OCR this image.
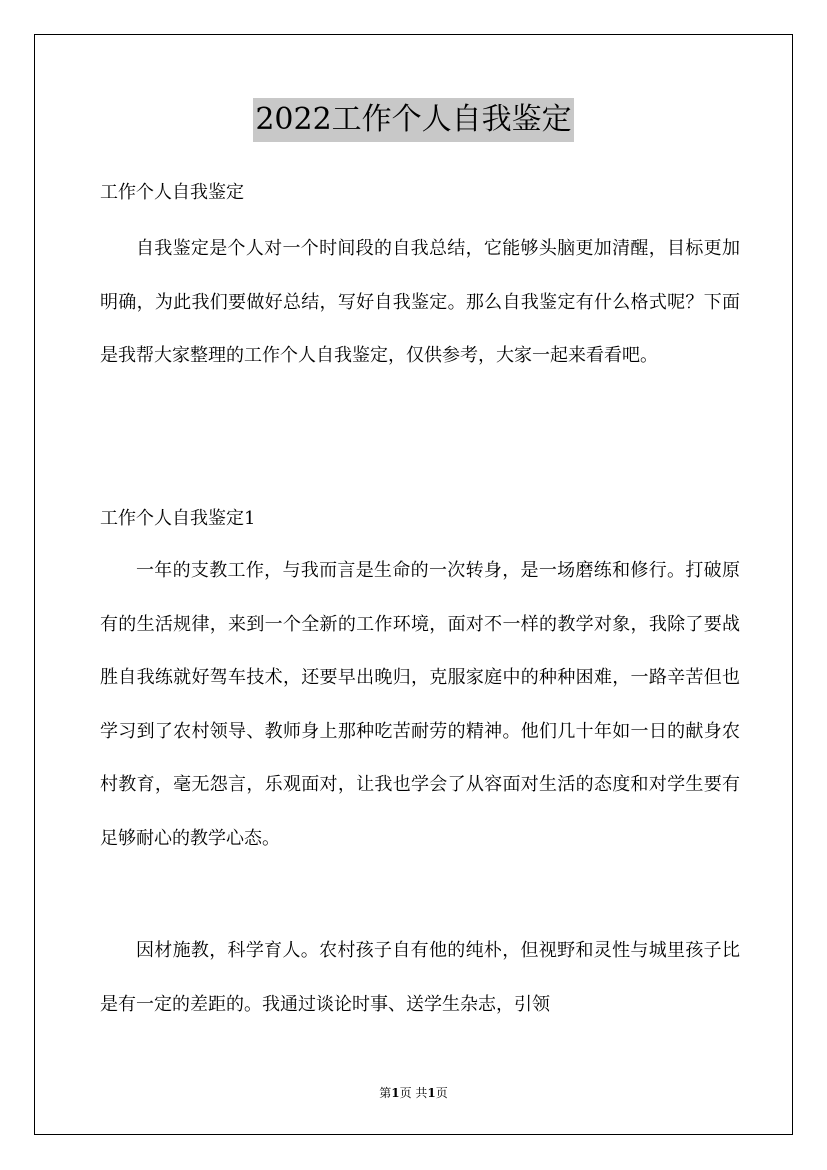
2022工作个人自我鉴定
工作个人自我鉴定

自我鉴定是个人对一个时间段的自我总结，它能够头脑更加清醒，目标更加明确，为此我们要做好总结，写好自我鉴定。那么自我鉴定有什么格式呢？下面是我帮大家整理的工作个人自我鉴定，仅供参考，大家一起来看看吧。

工作个人自我鉴定1

一年的支教工作，与我而言是生命的一次转身，是一场磨练和修行。打破原有的生活规律，来到一个全新的工作环境，面对不一样的教学对象，我除了要战胜自我练就好驾车技术，还要早出晚归，克服家庭中的种种困难，一路辛苦但也学习到了农村领导、教师身上那种吃苦耐劳的精神。他们几十年如一日的献身农村教育，毫无怨言，乐观面对，让我也学会了从容面对生活的态度和对学生要有足够耐心的教学心态。

因材施教，科学育人。农村孩子自有他的纯朴，但视野和灵性与城里孩子比是有一定的差距的。我通过谈论时事、送学生杂志，引领

第1页 共1页
